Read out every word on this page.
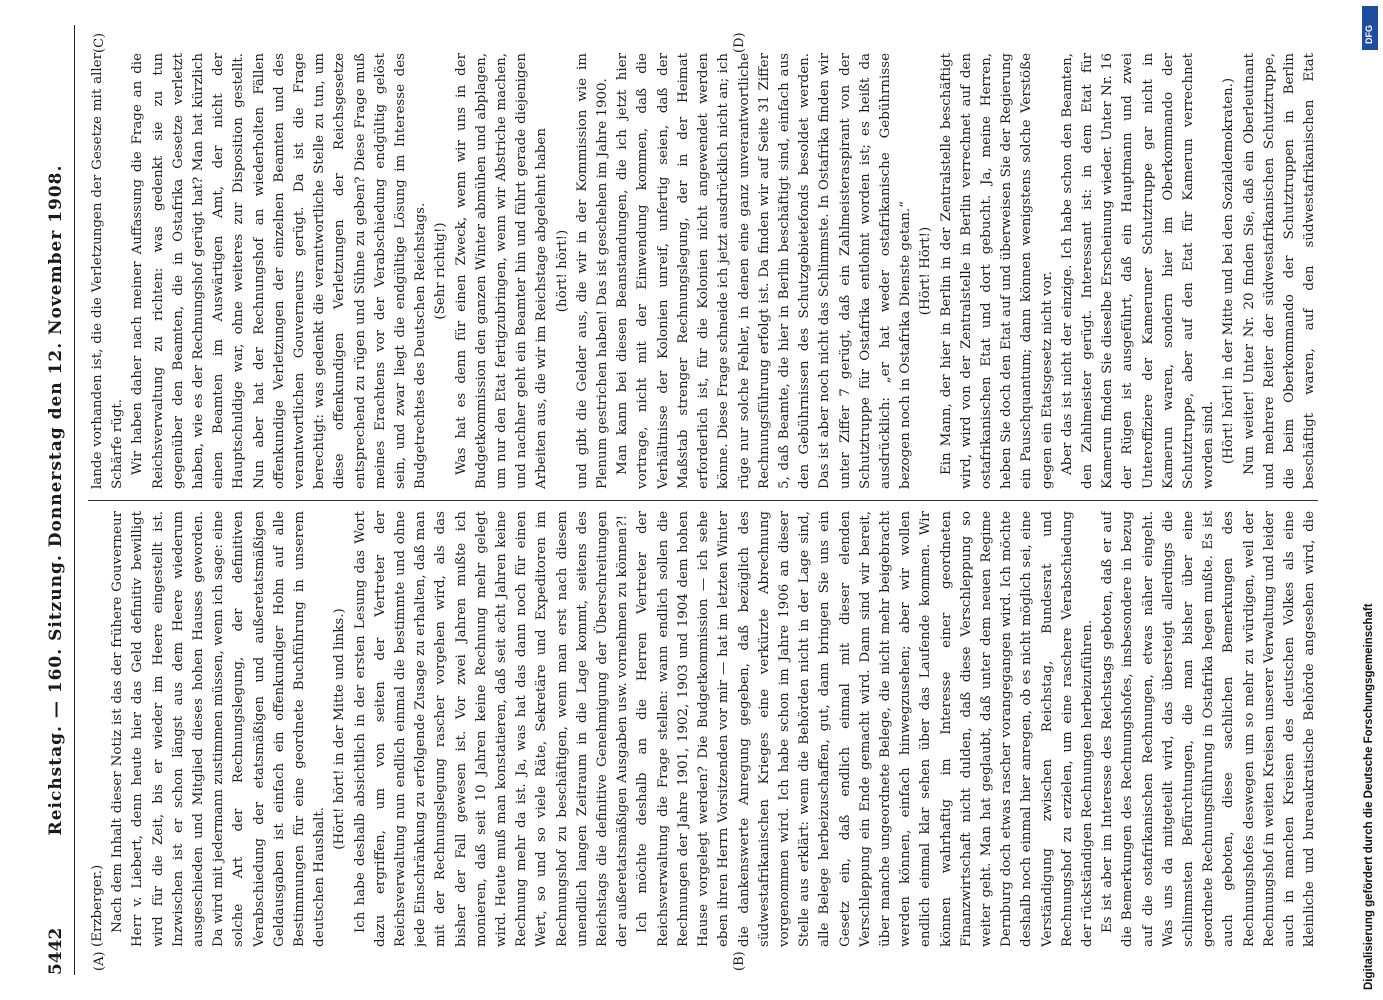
5442
Reichstag. — 160. Sitzung. Donnerstag den 12. November 1908.

(Erzberger.) Nach dem Inhalt dieser Notiz ist das der frühere Gouverneur Herr v. Liebert, denn heute hier das Geld definitiv bewilligt wird für die Zeit, bis er wieder im Heere eingestellt ist. Inzwischen ist er schon längst aus dem Heere wiederum ausgeschieden und Mitglied dieses hohen Hauses geworden. Da wird mit jedermann zustimmen müssen, wenn ich sage: eine solche Art der Rechnungslegung, der definitiven Verabschiedung der etatsmäßigen und außeretatsmäßigen Geldausgaben ist einfach ein offenkundiger Hohn auf alle Bestimmungen für eine geordnete Buchführung in unserem deutschen Haushalt.

(Hört! hört! in der Mitte und links.) Ich habe deshalb absichtlich in der ersten Lesung das Wort dazu ergriffen, um von seiten der Vertreter der Reichsverwaltung nun endlich einmal die bestimmte und ohne jede Einschränkung zu erfolgende Zusage zu erhalten, daß man mit der Rechnungslegung rascher vorgehen wird, als das bisher der Fall gewesen ist. Vor zwei Jahren mußte ich monieren, daß seit 10 Jahren keine Rechnung mehr gelegt wird. Heute muß man konstatieren, daß seit acht Jahren keine Rechnung mehr da ist. Ja, was hat das dann noch für einen Wert, so und so viele Räte, Sekretäre und Expeditoren im Rechnungshof zu beschäftigen, wenn man erst nach diesem unendlich langen Zeitraum in die Lage kommt, seitens des Reichstags die definitive Genehmigung der Überschreitungen der außeretatsmäßigen Ausgaben usw. vornehmen zu können?! Ich möchte deshalb an die Herren Vertreter der Reichsverwaltung die Frage stellen: wann endlich sollen die Rechnungen der Jahre 1901, 1902, 1903 und 1904 dem hohen Hause vorgelegt werden? Die Budgetkommission — ich sehe eben ihren Herrn Vorsitzenden vor mir — hat im letzten Winter die dankenswerte Anregung gegeben, daß bezüglich des südwestafrikanischen Krieges eine verkürzte Abrechnung vorgenommen wird. Ich habe schon im Jahre 1906 an dieser Stelle aus erklärt: wenn die Behörden nicht in der Lage sind, alle Belege herbeizuschaffen, gut, dann bringen Sie uns ein Gesetz ein, daß endlich einmal mit dieser elenden Verschleppung ein Ende gemacht wird. Dann sind wir bereit, über manche ungeordnete Belege, die nicht mehr beigebracht werden können, einfach hinwegzusehen; aber wir wollen endlich einmal klar sehen über das Laufende kommen. Wir können wahrhaftig im Interesse einer geordneten Finanzwirtschaft nicht dulden, daß diese Verschleppung so weiter geht. Man hat geglaubt, daß unter dem neuen Regime Dernburg doch etwas rascher vorangegangen wird. Ich möchte deshalb noch einmal hier anregen, ob es nicht möglich sei, eine Verständigung zwischen Reichstag, Bundesrat und Rechnungshof zu erzielen, um eine raschere Verabschiedung der rückständigen Rechnungen herbeizuführen. Es ist aber im Interesse des Reichstags geboten, daß er auf die Bemerkungen des Rechnungshofes, insbesondere in bezug auf die ostafrikanischen Rechnungen, etwas näher eingeht. Was uns da mitgeteilt wird, das übersteigt allerdings die schlimmsten Befürchtungen, die man bisher über eine geordnete Rechnungsführung in Ostafrika hegen mußte. Es ist auch geboten, diese sachlichen Bemerkungen des Rechnungshofes deswegen um so mehr zu würdigen, weil der Rechnungshof in weiten Kreisen unserer Verwaltung und leider auch in manchen Kreisen des deutschen Volkes als eine kleinliche und bureaukratische Behörde angesehen wird, die

lande vorhanden ist, die die Verletzungen der Gesetze mit aller Schärfe rügt. Wir haben daher nach meiner Auffassung die Frage an die Reichsverwaltung zu richten: was gedenkt sie zu tun gegenüber den Beamten, die in Ostafrika Gesetze verletzt haben, wie es der Rechnungshof gerügt hat? Man hat kürzlich einen Beamten im Auswärtigen Amt, der nicht der Hauptschuldige war, ohne weiteres zur Disposition gestellt. Nun aber hat der Rechnungshof an wiederholten Fällen offenkundige Verletzungen der einzelnen Beamten und des verantwortlichen Gouverneurs gerügt. Da ist die Frage berechtigt: was gedenkt die verantwortliche Stelle zu tun, um diese offenkundigen Verletzungen der Reichsgesetze entsprechend zu rügen und Sühne zu geben? Diese Frage muß meines Erachtens vor der Verabschiedung endgültig gelöst sein, und zwar liegt die endgültige Lösung im Interesse des Budgetrechtes des Deutschen Reichstags. (Sehr richtig!) Was hat es denn für einen Zweck, wenn wir uns in der Budgetkommission den ganzen Winter abmühen und abplagen, um nur den Etat fertigzubringen, wenn wir Abstriche machen, und nachher geht ein Beamter hin und führt gerade diejenigen Arbeiten aus, die wir im Reichstage abgelehnt haben (hört! hört!) und gibt die Gelder aus, die wir in der Kommission wie im Plenum gestrichen haben! Das ist geschehen im Jahre 1900. Man kann bei diesen Beanstandungen, die ich jetzt hier vortrage, nicht mit der Einwendung kommen, daß die Verhältnisse der Kolonien unreif, unfertig seien, daß der Maßstab strenger Rechnungslegung, der in der Heimat erforderlich ist, für die Kolonien nicht angewendet werden könne. Diese Frage schneide ich jetzt ausdrücklich nicht an; ich rüge nur solche Fehler, in denen eine ganz unverantwortliche Rechnungsführung erfolgt ist. Da finden wir auf Seite 31 Ziffer 5, daß Beamte, die hier in Berlin beschäftigt sind, einfach aus den Gebührnissen des Schutzgebietefonds besoldet werden. Das ist aber noch nicht das Schlimmste. In Ostafrika finden wir unter Ziffer 7 gerügt, daß ein Zahlmeisteraspirant von der Schutztruppe für Ostafrika entlohnt worden ist; es heißt da ausdrücklich: „er hat weder ostafrikanische Gebührnisse bezogen noch in Ostafrika Dienste getan.“ (Hört! Hört!) Ein Mann, der hier in Berlin in der Zentralstelle beschäftigt wird, wird von der Zentralstelle in Berlin verrechnet auf den ostafrikanischen Etat und dort gebucht. Ja, meine Herren, heben Sie doch den Etat auf und überweisen Sie der Regierung ein Pauschquantum; dann können wenigstens solche Verstöße gegen ein Etatsgesetz nicht vor. Aber das ist nicht der einzige. Ich habe schon den Beamten, den Zahlmeister gerügt. Interessant ist: in dem Etat für Kamerun finden Sie dieselbe Erscheinung wieder. Unter Nr. 16 der Rügen ist ausgeführt, daß ein Hauptmann und zwei Unteroffiziere der Kameruner Schutztruppe gar nicht in Kamerun waren, sondern hier im Oberkommando der Schutztruppe, aber auf den Etat für Kamerun verrechnet worden sind. (Hört! hört! in der Mitte und bei den Sozialdemokraten.) Nun weiter! Unter Nr. 20 finden Sie, daß ein Oberleutnant und mehrere Reiter der südwestafrikanischen Schutztruppe, die beim Oberkommando der Schutztruppen in Berlin beschäftigt waren, auf den südwestafrikanischen Etat

(A)	(B)
(C)	(D)
Digitalisierung gefördert durch die Deutsche Forschungsgemeinschaft
DFG
